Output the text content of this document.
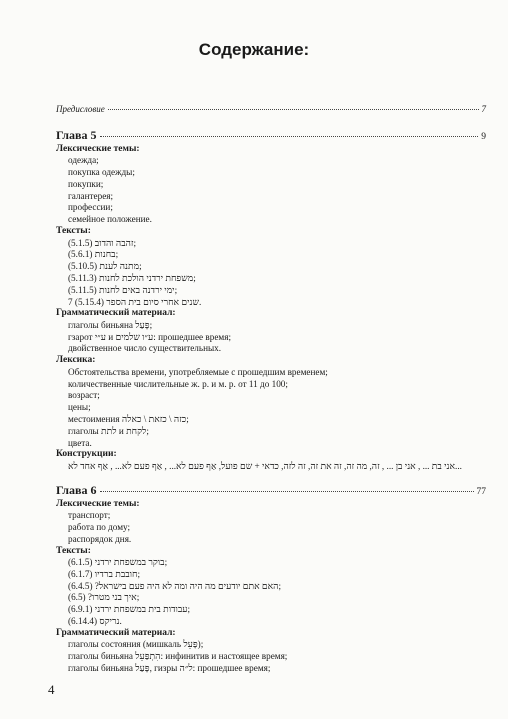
Содержание:
Предисловие	7
Глава 5	9
Лексические темы:
одежда;
покупка одежды;
покупки;
галантерея;
профессии;
семейное положение.
Тексты:
(5.1.5) זהבה והדוב;
(5.6.1) בחנות;
(5.10.5) מתנה לענת;
(5.11.3) משפחת ירדני הולכת לחנות;
(5.11.5) ימי ירדנה באים לחנות;
7 שנים אחרי סיום בית הספר (5.15.4).
Грамматический материал:
глаголы биньяна פָּעַל;
гзарот ע״י и ע״ו שלמים: прошедшее время;
двойственное число существительных.
Лексика:
Обстоятельства времени, употребляемые с прошедшим временем;
количественные числительные ж. р. и м. р. от 11 до 100;
возраст;
цены;
местоимения כזה \ כזאת \ כאלה;
глаголы לתת и לקחת;
цвета.
Конструкции:
אני בת ... , אני בן ... , זה, מה זה, זה את זה, זה לזה, כדאי + שם פועל, אַף פעם לא... , אַף פעם לא... , אַף אחד לא...
Глава 6	77
Лексические темы:
транспорт;
работа по дому;
распорядок дня.
Тексты:
(6.1.5) בוקר במשפחת ירדני;
(6.1.7) חובבת ברדיו;
האם אתם יודעים מה היה ומה לא היה פעם בישראל? (6.4.5);
איך בני מטרו? (6.5);
(6.9.1) עבודות בית במשפחת ירדני;
(6.14.4) נריקס.
Грамматический материал:
глаголы состояния (мишкаль פָּעֵל);
глаголы биньяна הִתְפַּעֵל: инфинитив и настоящее время;
глаголы биньяна פָּעַל, гизры ל״ה: прошедшее время;
4
